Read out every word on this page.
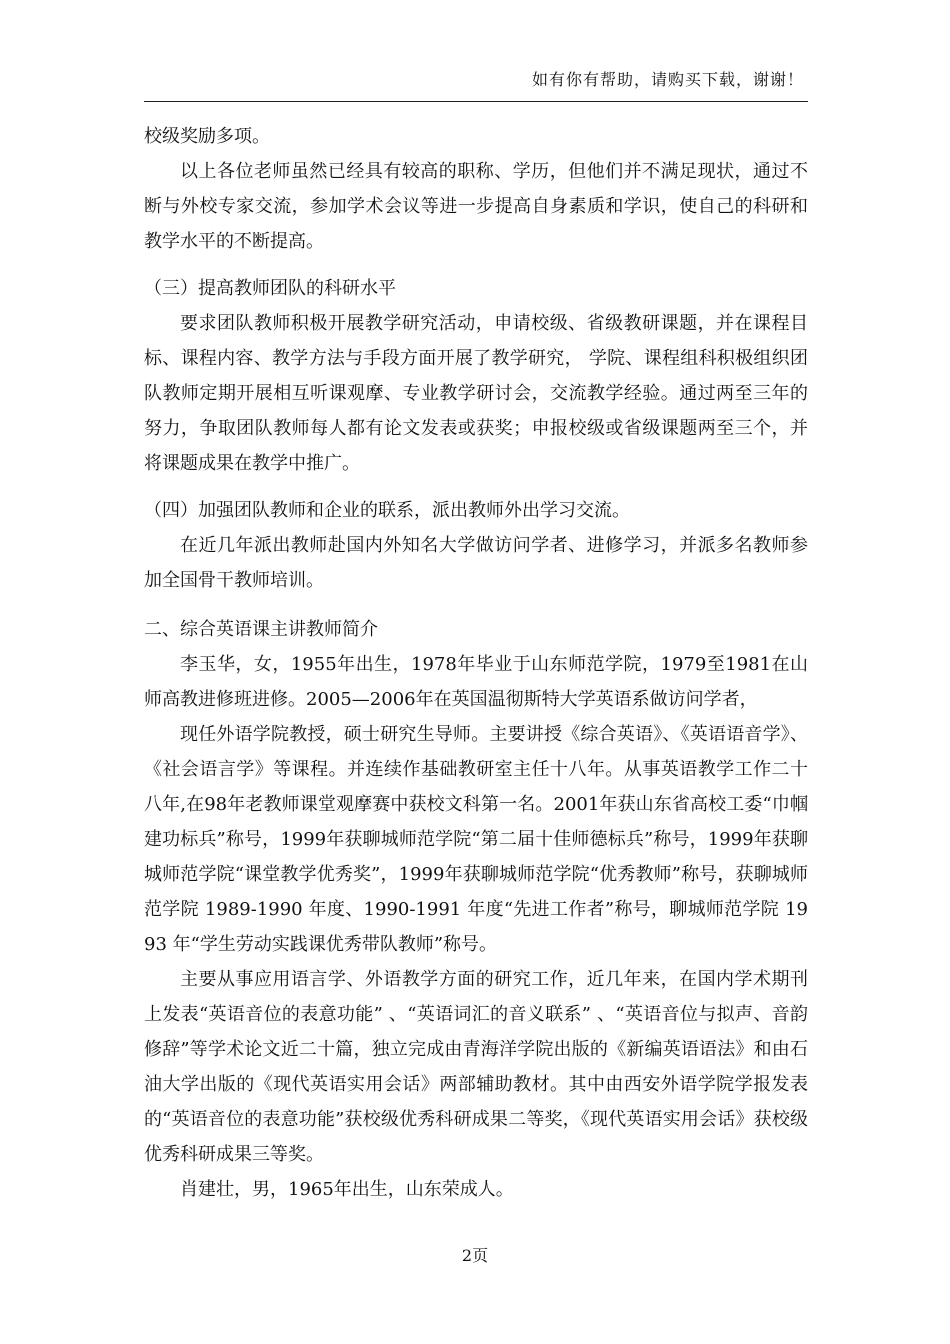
如有你有帮助，请购买下载，谢谢！

校级奖励多项。

以上各位老师虽然已经具有较高的职称、学历，但他们并不满足现状，通过不断与外校专家交流，参加学术会议等进一步提高自身素质和学识，使自己的科研和教学水平的不断提高。

（三）提高教师团队的科研水平

要求团队教师积极开展教学研究活动，申请校级、省级教研课题，并在课程目标、课程内容、教学方法与手段方面开展了教学研究， 学院、课程组科积极组织团队教师定期开展相互听课观摩、专业教学研讨会，交流教学经验。通过两至三年的努力，争取团队教师每人都有论文发表或获奖；申报校级或省级课题两至三个，并将课题成果在教学中推广。

（四）加强团队教师和企业的联系，派出教师外出学习交流。

在近几年派出教师赴国内外知名大学做访问学者、进修学习，并派多名教师参加全国骨干教师培训。

二、综合英语课主讲教师简介

李玉华，女，1955年出生，1978年毕业于山东师范学院，1979至1981在山师高教进修班进修。2005—2006年在英国温彻斯特大学英语系做访问学者，

现任外语学院教授，硕士研究生导师。主要讲授《综合英语》、《英语语音学》、《社会语言学》等课程。并连续作基础教研室主任十八年。从事英语教学工作二十八年,在98年老教师课堂观摩赛中获校文科第一名。2001年获山东省高校工委“巾帼建功标兵”称号，1999年获聊城师范学院“第二届十佳师德标兵”称号，1999年获聊城师范学院“课堂教学优秀奖”，1999年获聊城师范学院“优秀教师”称号，获聊城师范学院 1989-1990 年度、1990-1991 年度“先进工作者”称号，聊城师范学院 1993 年“学生劳动实践课优秀带队教师”称号。

主要从事应用语言学、外语教学方面的研究工作，近几年来，在国内学术期刊上发表“英语音位的表意功能” 、“英语词汇的音义联系” 、“英语音位与拟声、音韵修辞”等学术论文近二十篇，独立完成由青海洋学院出版的《新编英语语法》和由石油大学出版的《现代英语实用会话》两部辅助教材。其中由西安外语学院学报发表的“英语音位的表意功能”获校级优秀科研成果二等奖，《现代英语实用会话》获校级优秀科研成果三等奖。

肖建壮，男，1965年出生，山东荣成人。

2页
